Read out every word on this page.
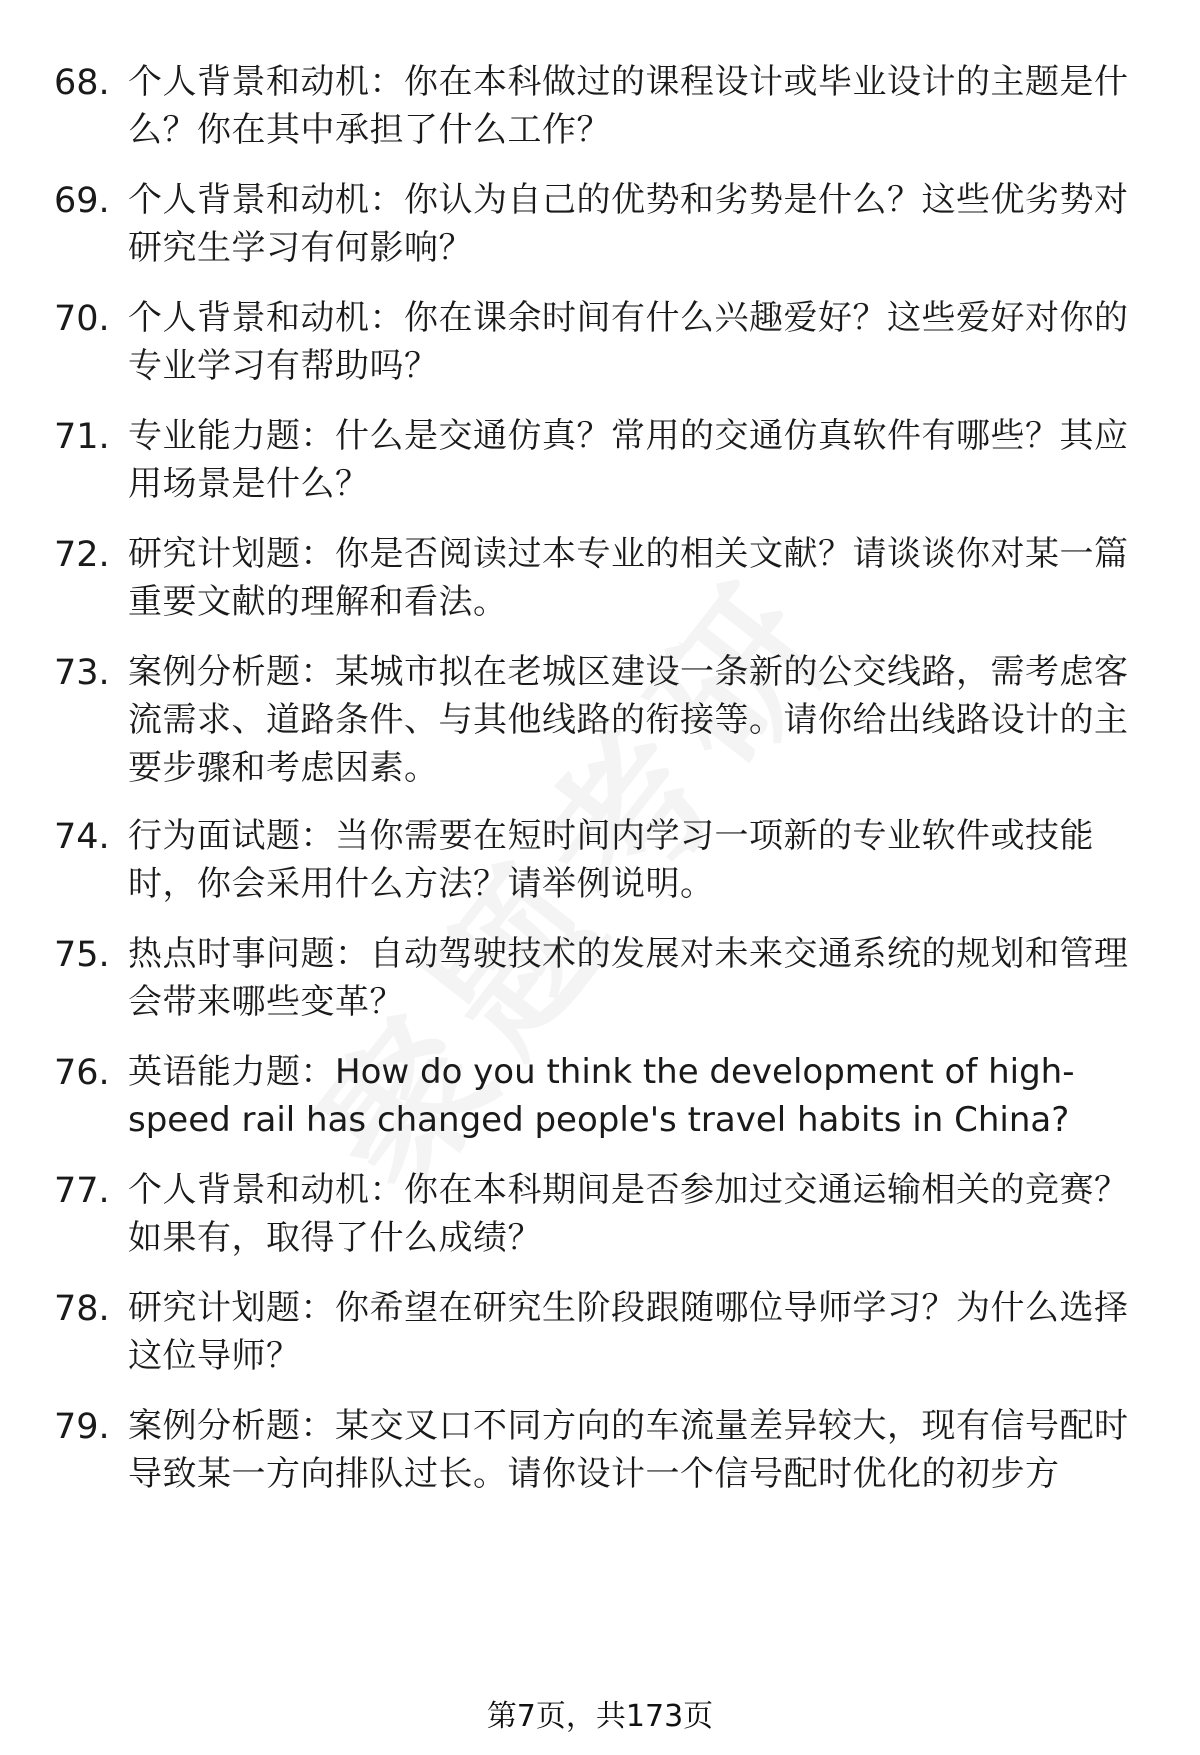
68. 个人背景和动机：你在本科做过的课程设计或毕业设计的主题是什么？你在其中承担了什么工作？
69. 个人背景和动机：你认为自己的优势和劣势是什么？这些优劣势对研究生学习有何影响？
70. 个人背景和动机：你在课余时间有什么兴趣爱好？这些爱好对你的专业学习有帮助吗？
71. 专业能力题：什么是交通仿真？常用的交通仿真软件有哪些？其应用场景是什么？
72. 研究计划题：你是否阅读过本专业的相关文献？请谈谈你对某一篇重要文献的理解和看法。
73. 案例分析题：某城市拟在老城区建设一条新的公交线路，需考虑客流需求、道路条件、与其他线路的衔接等。请你给出线路设计的主要步骤和考虑因素。
74. 行为面试题：当你需要在短时间内学习一项新的专业软件或技能时，你会采用什么方法？请举例说明。
75. 热点时事问题：自动驾驶技术的发展对未来交通系统的规划和管理会带来哪些变革？
76. 英语能力题：How do you think the development of high-speed rail has changed people's travel habits in China?
77. 个人背景和动机：你在本科期间是否参加过交通运输相关的竞赛？如果有，取得了什么成绩？
78. 研究计划题：你希望在研究生阶段跟随哪位导师学习？为什么选择这位导师？
79. 案例分析题：某交叉口不同方向的车流量差异较大，现有信号配时导致某一方向排队过长。请你设计一个信号配时优化的初步方
第7页，共173页
